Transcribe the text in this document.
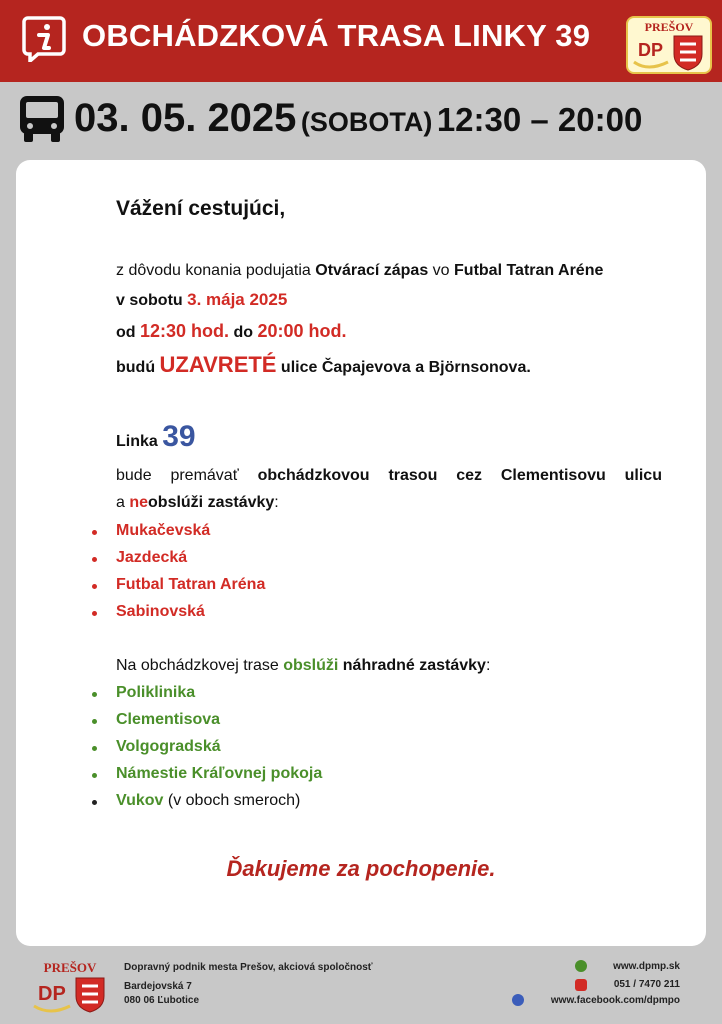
OBCHÁDZKOVÁ TRASA LINKY 39	PREŠOV
DP
03. 05. 2025 (SOBOTA) 12:30 – 20:00
Vážení cestujúci,
z dôvodu konania podujatia Otvárací zápas vo Futbal Tatran Aréne
v sobotu 3. mája 2025
od 12:30 hod. do 20:00 hod.
budú UZAVRETÉ ulice Čapajevova a Björnsonova.
Linka 39
bude premávať obchádzkovou trasou cez Clementisovu ulicu
a neobslúži zastávky:
Mukačevská
Jazdecká
Futbal Tatran Aréna
Sabinovská
Na obchádzkovej trase obslúži náhradné zastávky:
Poliklinika
Clementisova
Volgogradská
Námestie Kráľovnej pokoja
Vukov (v oboch smeroch)
Ďakujeme za pochopenie.
PREŠOV
DP
Dopravný podnik mesta Prešov, akciová spoločnosť
Bardejovská 7
080 06 Ľubotice
www.dpmp.sk
051 / 7470 211
www.facebook.com/dpmpo
